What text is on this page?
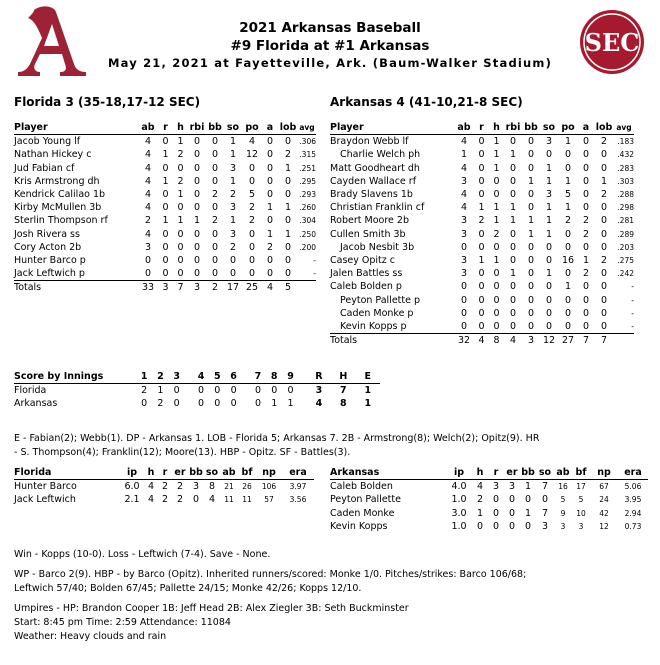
SEC
2021 Arkansas Baseball
#9 Florida at #1 Arkansas
May 21, 2021 at Fayetteville, Ark. (Baum-Walker Stadium)
Florida 3 (35-18,17-12 SEC)	Arkansas 4 (41-10,21-8 SEC)
Player	ab	r	h	rbi	bb	so	po	a	lob	avg
Jacob Young lf	4	0	1	0	0	1	4	0	0	.306
Nathan Hickey c	4	1	2	0	0	1	12	0	2	.315
Jud Fabian cf	4	0	0	0	0	3	0	0	1	.251
Kris Armstrong dh	4	1	2	0	0	1	0	0	0	.295
Kendrick Calilao 1b	4	0	1	0	2	2	5	0	0	.293
Kirby McMullen 3b	4	0	0	0	0	3	2	1	1	.260
Sterlin Thompson rf	2	1	1	1	2	1	2	0	0	.304
Josh Rivera ss	4	0	0	0	0	3	0	1	1	.250
Cory Acton 2b	3	0	0	0	0	2	0	2	0	.200
Hunter Barco p	0	0	0	0	0	0	0	0	0	-
Jack Leftwich p	0	0	0	0	0	0	0	0	0	-
Totals	33	3	7	3	2	17	25	4	5	
Player	ab	r	h	rbi	bb	so	po	a	lob	avg
Braydon Webb lf	4	0	1	0	0	3	1	0	2	.183
Charlie Welch ph	1	0	1	1	0	0	0	0	0	.432
Matt Goodheart dh	4	0	1	0	0	1	0	0	0	.283
Cayden Wallace rf	3	0	0	0	1	1	1	0	1	.303
Brady Slavens 1b	4	0	0	0	0	3	5	0	2	.288
Christian Franklin cf	4	1	1	1	0	1	1	0	0	.298
Robert Moore 2b	3	2	1	1	1	1	2	2	0	.281
Cullen Smith 3b	3	0	2	0	1	1	0	2	0	.289
Jacob Nesbit 3b	0	0	0	0	0	0	0	0	0	.203
Casey Opitz c	3	1	1	0	0	0	16	1	2	.275
Jalen Battles ss	3	0	0	1	0	1	0	2	0	.242
Caleb Bolden p	0	0	0	0	0	0	1	0	0	-
Peyton Pallette p	0	0	0	0	0	0	0	0	0	-
Caden Monke p	0	0	0	0	0	0	0	0	0	-
Kevin Kopps p	0	0	0	0	0	0	0	0	0	-
Totals	32	4	8	4	3	12	27	7	7	
Score by Innings	1	2	3		4	5	6		7	8	9		R	H	E
Florida	2	1	0		0	0	0		0	0	0		3	7	1
Arkansas	0	2	0		0	0	0		0	1	1		4	8	1
E - Fabian(2); Webb(1). DP - Arkansas 1. LOB - Florida 5; Arkansas 7. 2B - Armstrong(8); Welch(2); Opitz(9). HR
- S. Thompson(4); Franklin(12); Moore(13). HBP - Opitz. SF - Battles(3).
Florida	ip	h	r	er	bb	so	ab	bf	np	era
Hunter Barco	6.0	4	2	2	3	8	21	26	106	3.97
Jack Leftwich	2.1	4	2	2	0	4	11	11	57	3.56
Arkansas	ip	h	r	er	bb	so	ab	bf	np	era
Caleb Bolden	4.0	4	3	3	1	7	16	17	67	5.06
Peyton Pallette	1.0	2	0	0	0	0	5	5	24	3.95
Caden Monke	3.0	1	0	0	1	7	9	10	42	2.94
Kevin Kopps	1.0	0	0	0	0	3	3	3	12	0.73
Win - Kopps (10-0). Loss - Leftwich (7-4). Save - None.
WP - Barco 2(9). HBP - by Barco (Opitz). Inherited runners/scored: Monke 1/0. Pitches/strikes: Barco 106/68;
Leftwich 57/40; Bolden 67/45; Pallette 24/15; Monke 42/26; Kopps 12/10.
Umpires - HP: Brandon Cooper 1B: Jeff Head 2B: Alex Ziegler 3B: Seth Buckminster
Start: 8:45 pm Time: 2:59 Attendance: 11084
Weather: Heavy clouds and rain
